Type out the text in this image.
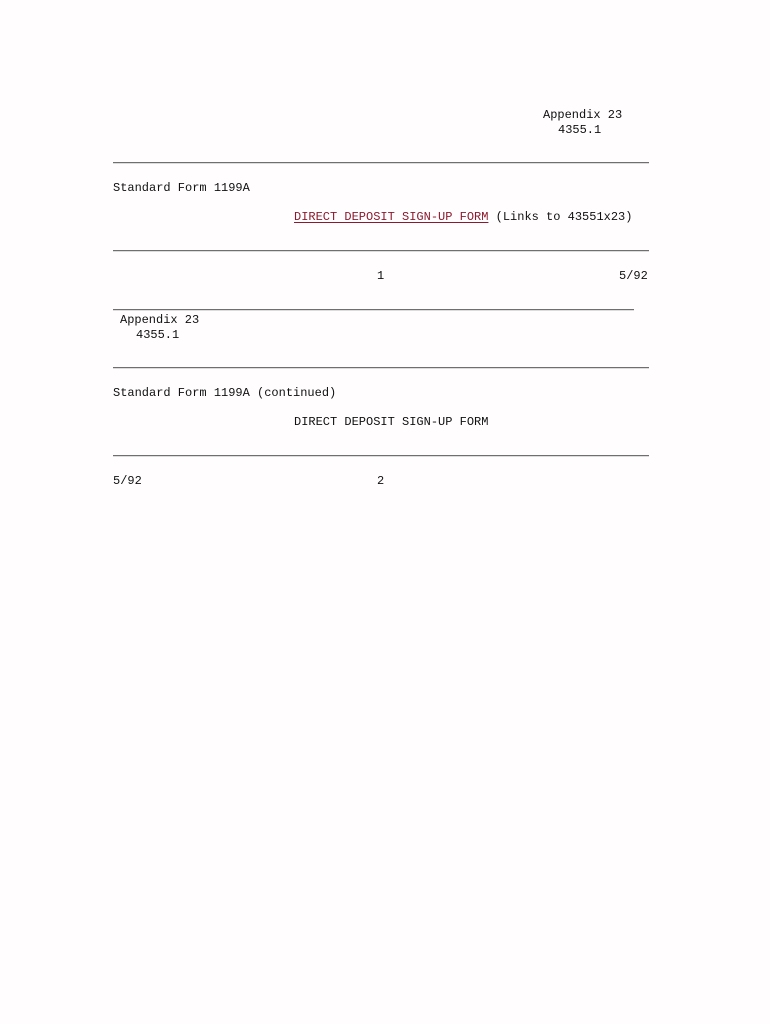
Appendix 23

4355.1

Standard Form 1199A

DIRECT DEPOSIT SIGN-UP FORM (Links to 43551x23)

1	5/92

Appendix 23

4355.1

Standard Form 1199A (continued)

DIRECT DEPOSIT SIGN-UP FORM

5/92	2
